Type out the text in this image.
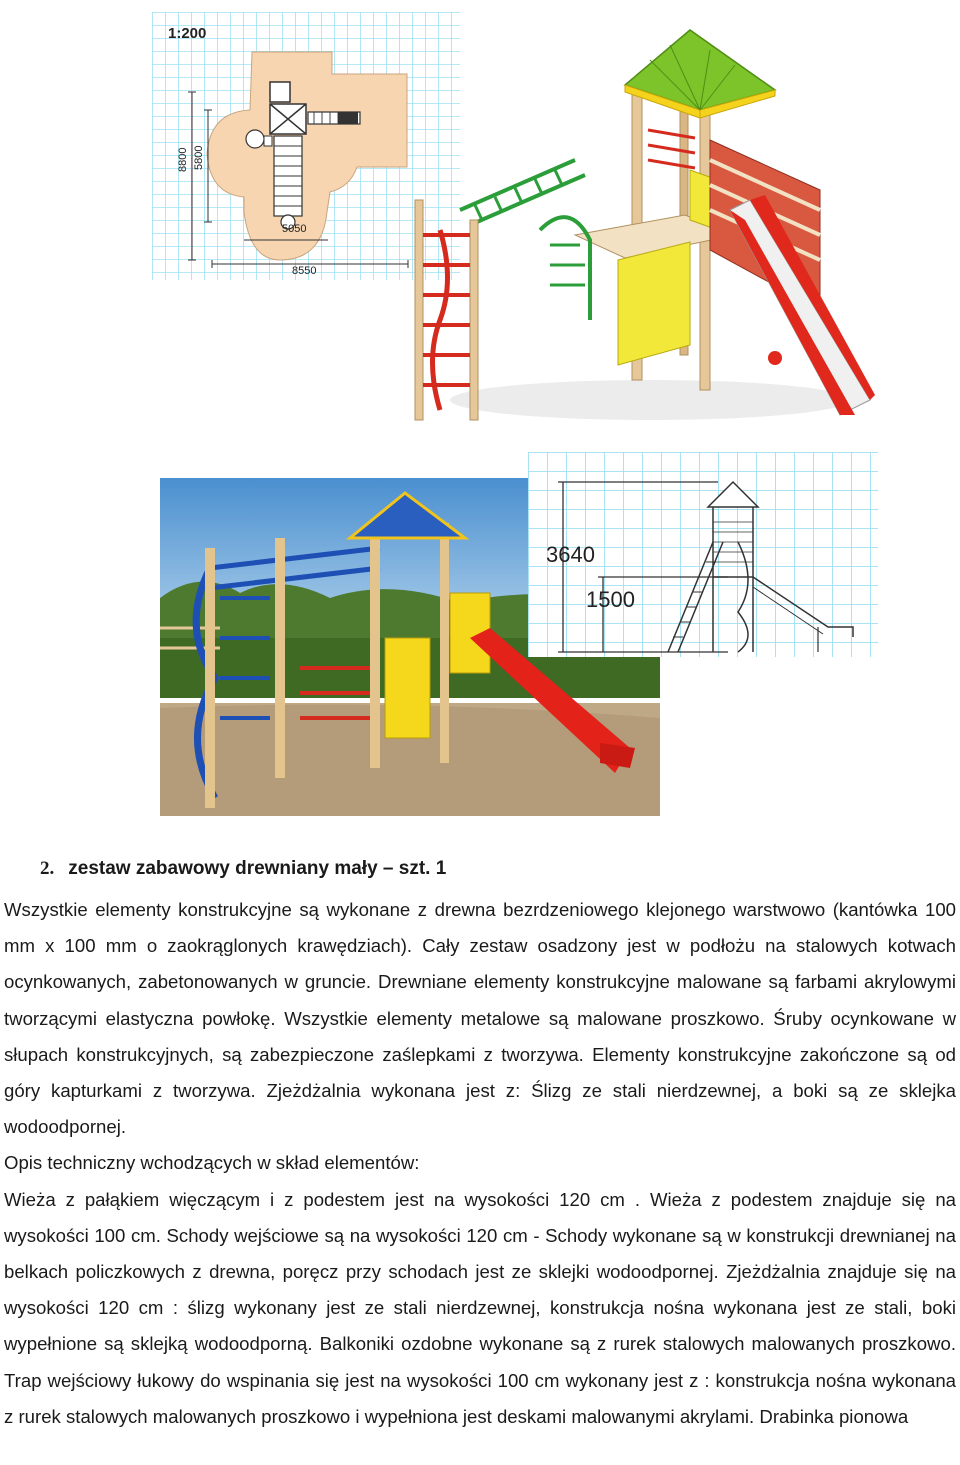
1:200
8800 5800
5050
8550
3640
1500
2. zestaw zabawowy drewniany mały – szt. 1

Wszystkie elementy konstrukcyjne są wykonane z drewna bezrdzeniowego klejonego warstwowo (kantówka 100 mm x 100 mm o zaokrąglonych krawędziach). Cały zestaw osadzony jest w podłożu na stalowych kotwach ocynkowanych, zabetonowanych w gruncie. Drewniane elementy konstrukcyjne malowane są farbami akrylowymi tworzącymi elastyczna powłokę. Wszystkie elementy metalowe są malowane proszkowo. Śruby ocynkowane w słupach konstrukcyjnych, są zabezpieczone zaślepkami z tworzywa. Elementy konstrukcyjne zakończone są od góry kapturkami z tworzywa. Zjeżdżalnia wykonana jest z: Ślizg ze stali nierdzewnej, a boki są ze sklejka wodoodpornej.

Opis techniczny wchodzących w skład elementów:

Wieża z pałąkiem więczącym i z podestem jest na wysokości 120 cm . Wieża z podestem znajduje się na wysokości 100 cm. Schody wejściowe są na wysokości 120 cm - Schody wykonane są w konstrukcji drewnianej na belkach policzkowych z drewna, poręcz przy schodach jest ze sklejki wodoodpornej. Zjeżdżalnia znajduje się na wysokości 120 cm : ślizg wykonany jest ze stali nierdzewnej, konstrukcja nośna wykonana jest ze stali, boki wypełnione są sklejką wodoodporną. Balkoniki ozdobne wykonane są z rurek stalowych malowanych proszkowo. Trap wejściowy łukowy do wspinania się jest na wysokości 100 cm wykonany jest z : konstrukcja nośna wykonana z rurek stalowych malowanych proszkowo i wypełniona jest deskami malowanymi akrylami. Drabinka pionowa
